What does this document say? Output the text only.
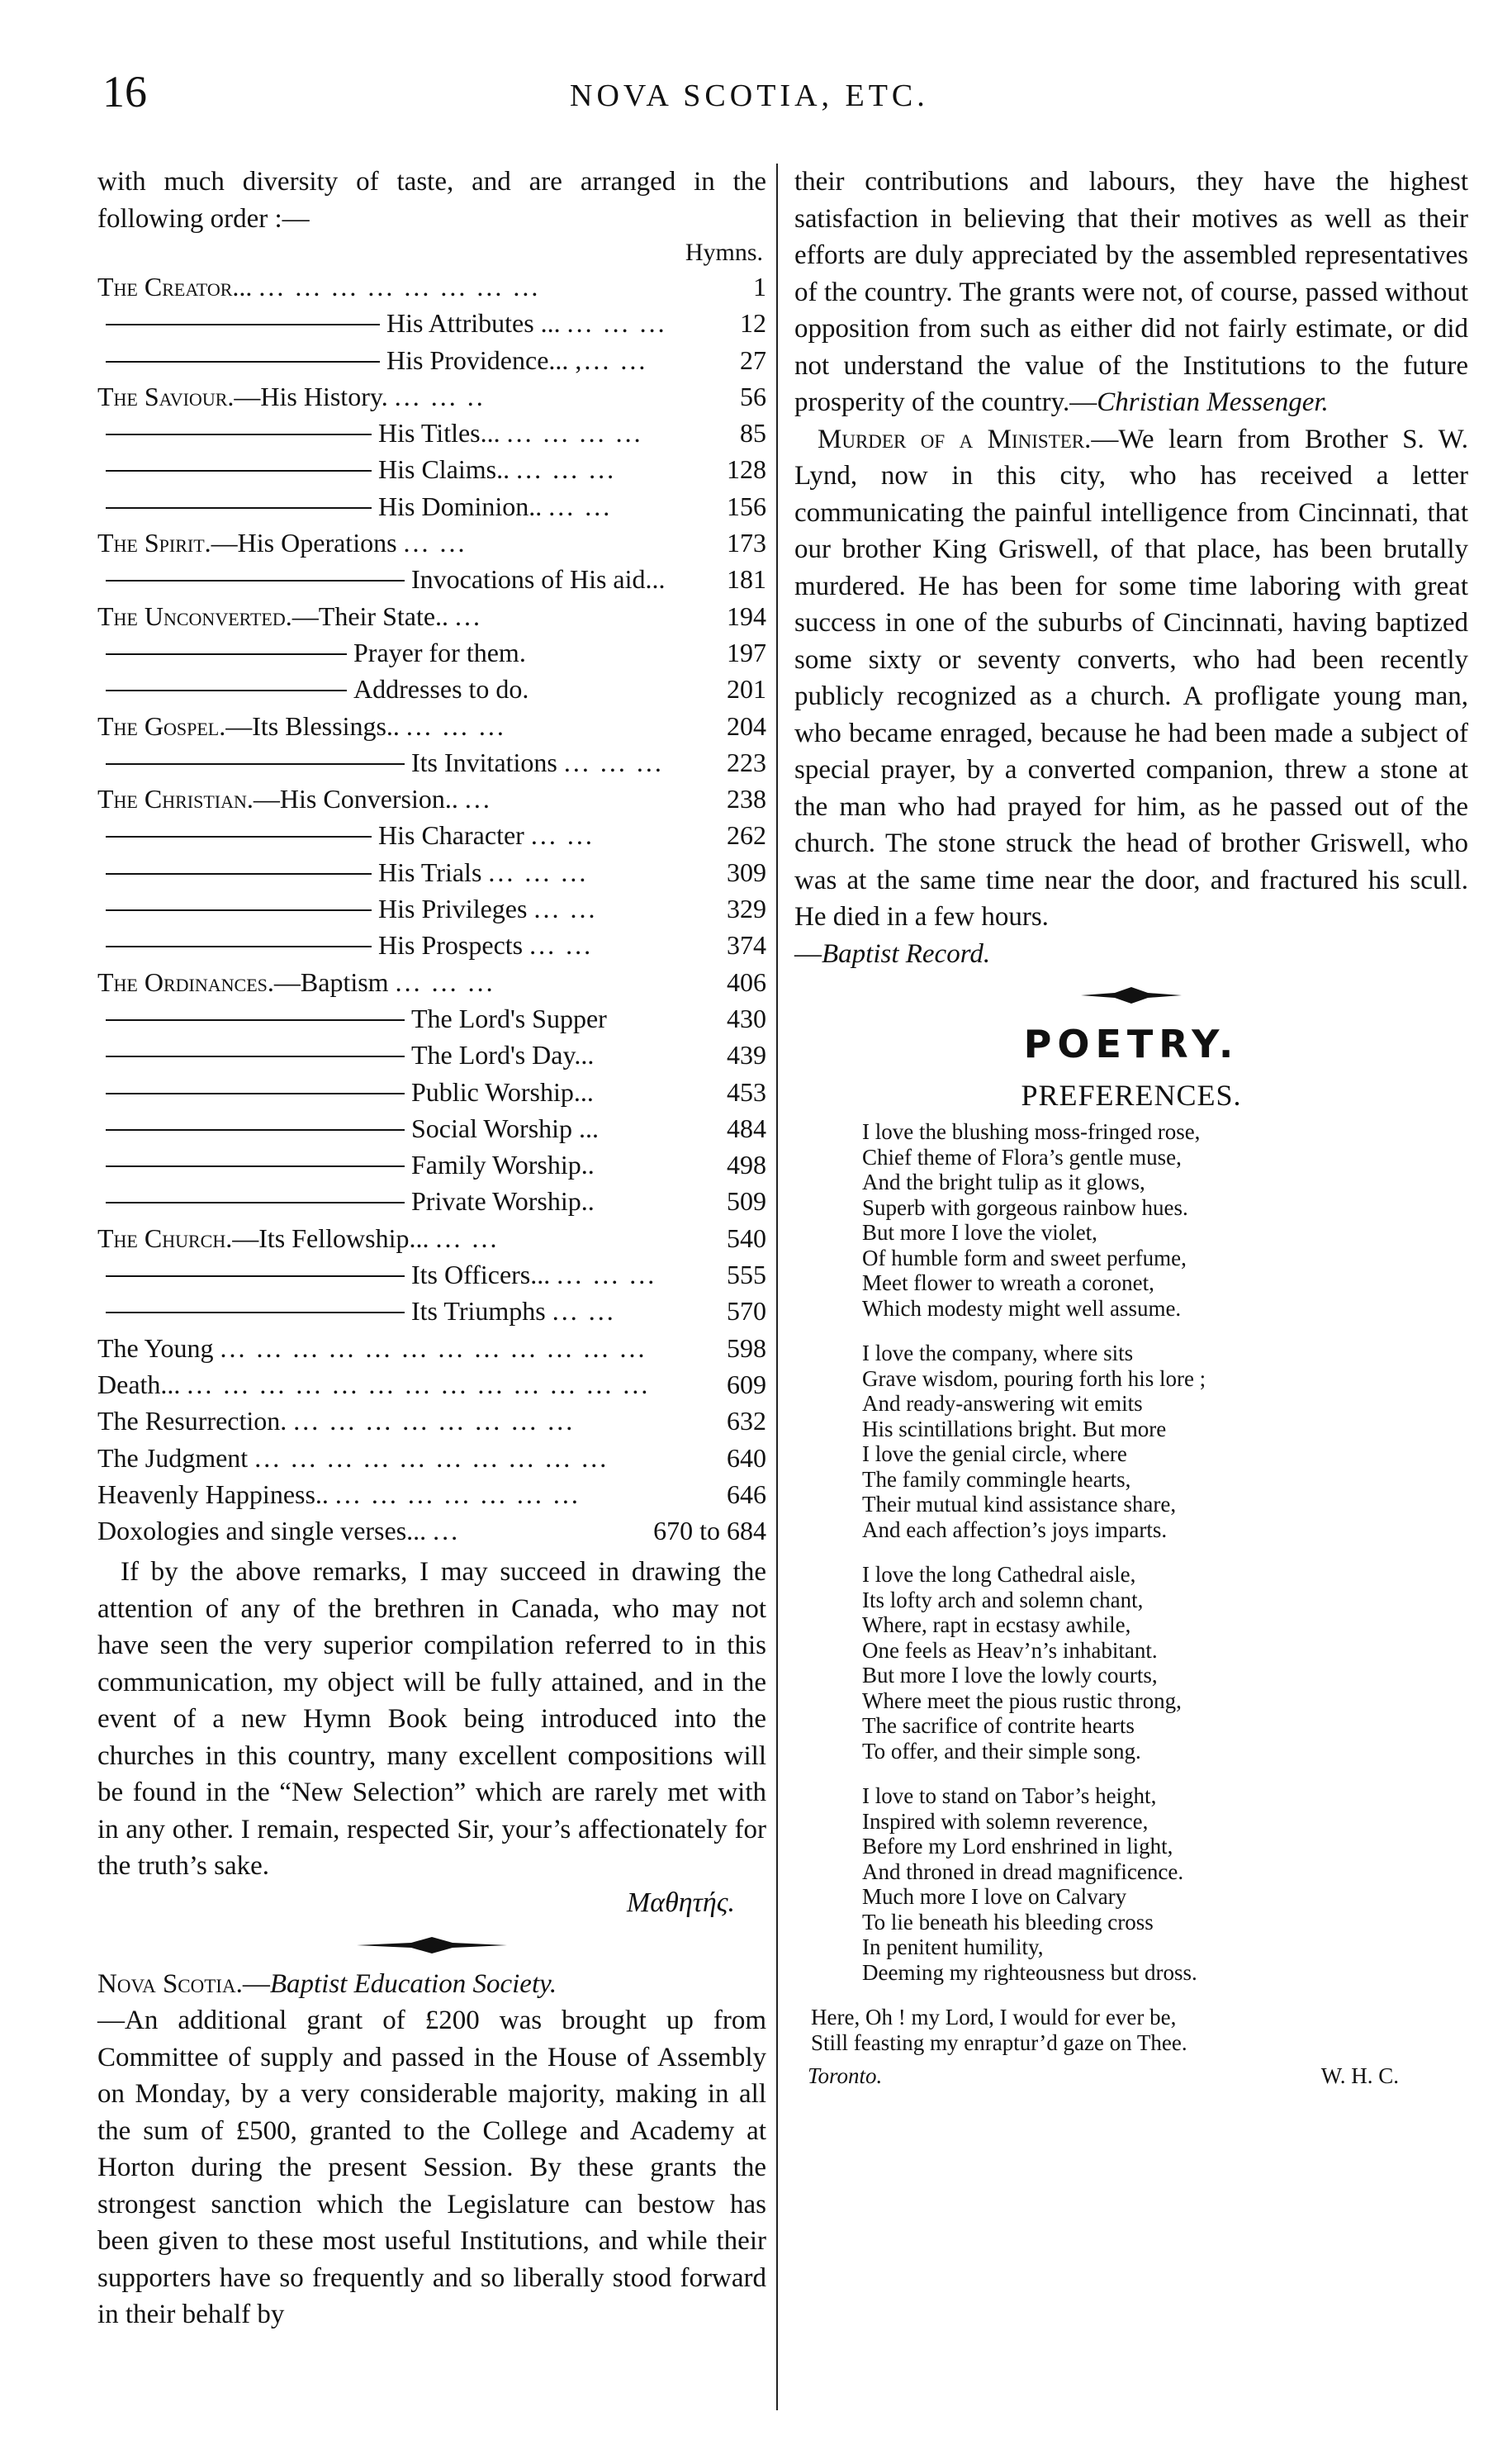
16	NOVA SCOTIA, ETC.

with much diversity of taste, and are arranged in the following order :—

Hymns.
The Creator... ... ... ... ... ... ... ... ...	1
His Attributes ... ... ... ...	12
His Providence... ,... ...	27
The Saviour. —His History. ... ... ..	56
His Titles... ... ... ... ...	85
His Claims.. ... ... ...	128
His Dominion.. ... ...	156
The Spirit. —His Operations ... ...	173
Invocations of His aid... 181
The Unconverted. —Their State.. ...	194
Prayer for them.	197
Addresses to do.	201
The Gospel. —Its Blessings.. ... ... ...	204
Its Invitations ... ... ... 223
The Christian. —His Conversion.. ...	238
His Character ... ...	262
His Trials ... ... ...	309
His Privileges ... ...	329
His Prospects ... ...	374
The Ordinances. —Baptism ... ... ...	406
The Lord's Supper	430
The Lord's Day...	439
Public Worship...	453
Social Worship ...	484
Family Worship..	498
Private Worship..	509
The Church. —Its Fellowship... ... ...	540
Its Officers... ... ... ...	555
Its Triumphs ... ...	570
The Young ... ... ... ... ... ... ... ... ... ... ... ...	598
Death... ... ... ... ... ... ... ... ... ... ... ... ... ...	609
The Resurrection. ... ... ... ... ... ... ... ...	632
The Judgment ... ... ... ... ... ... ... ... ... ...	640
Heavenly Happiness.. ... ... ... ... ... ... ...	646
Doxologies and single verses... ...	670 to 684

If by the above remarks, I may succeed in drawing the attention of any of the brethren in Canada, who may not have seen the very superior compilation referred to in this communication, my object will be fully attained, and in the event of a new Hymn Book being introduced into the churches in this country, many excellent compositions will be found in the “New Selection” which are rarely met with in any other. I remain, respected Sir, your’s affectionately for the truth’s sake.

Μαθητής.

Nova Scotia.—Baptist Education Society.

—An additional grant of £200 was brought up from Committee of supply and passed in the House of Assembly on Monday, by a very considerable majority, making in all the sum of £500, granted to the College and Academy at Horton during the present Session. By these grants the strongest sanction which the Legislature can bestow has been given to these most useful Institutions, and while their supporters have so frequently and so liberally stood forward in their behalf by

their contributions and labours, they have the highest satisfaction in believing that their motives as well as their efforts are duly appreciated by the assembled representatives of the country. The grants were not, of course, passed without opposition from such as either did not fairly estimate, or did not understand the value of the Institutions to the future prosperity of the country.—Christian Messenger.

Murder of a Minister.—We learn from Brother S. W. Lynd, now in this city, who has received a letter communicating the painful intelligence from Cincinnati, that our brother King Griswell, of that place, has been brutally murdered. He has been for some time laboring with great success in one of the suburbs of Cincinnati, having baptized some sixty or seventy converts, who had been recently publicly recognized as a church. A profligate young man, who became enraged, because he had been made a subject of special prayer, by a converted companion, threw a stone at the man who had prayed for him, as he passed out of the church. The stone struck the head of brother Griswell, who was at the same time near the door, and fractured his scull. He died in a few hours.

—Baptist Record.

POETRY.
PREFERENCES.
I love the blushing moss-fringed rose,
Chief theme of Flora’s gentle muse,
And the bright tulip as it glows,
Superb with gorgeous rainbow hues.
But more I love the violet,
Of humble form and sweet perfume,
Meet flower to wreath a coronet,
Which modesty might well assume.
I love the company, where sits
Grave wisdom, pouring forth his lore ;
And ready-answering wit emits
His scintillations bright. But more
I love the genial circle, where
The family commingle hearts,
Their mutual kind assistance share,
And each affection’s joys imparts.
I love the long Cathedral aisle,
Its lofty arch and solemn chant,
Where, rapt in ecstasy awhile,
One feels as Heav’n’s inhabitant.
But more I love the lowly courts,
Where meet the pious rustic throng,
The sacrifice of contrite hearts
To offer, and their simple song.
I love to stand on Tabor’s height,
Inspired with solemn reverence,
Before my Lord enshrined in light,
And throned in dread magnificence.
Much more I love on Calvary
To lie beneath his bleeding cross
In penitent humility,
Deeming my righteousness but dross.
Here, Oh ! my Lord, I would for ever be,
Still feasting my enraptur’d gaze on Thee.
Toronto.	W. H. C.
